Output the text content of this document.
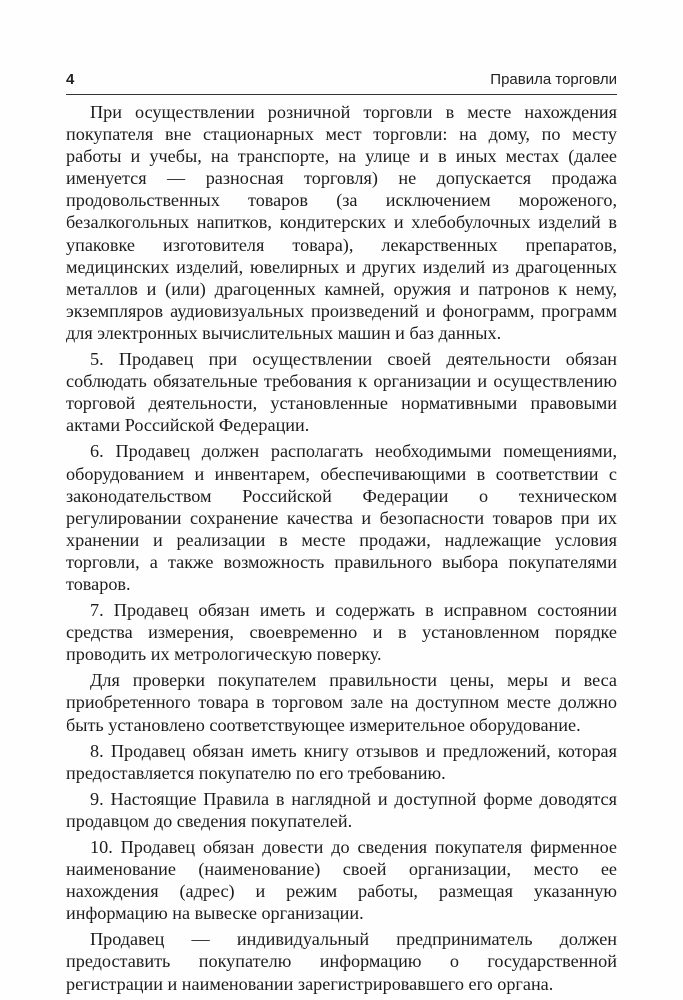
4	Правила торговли

При осуществлении розничной торговли в месте нахождения покупателя вне стационарных мест торговли: на дому, по месту работы и учебы, на транспорте, на улице и в иных местах (далее именуется — разносная торговля) не допускается продажа продовольственных товаров (за исключением мороженого, безалкогольных напитков, кондитерских и хлебобулочных изделий в упаковке изготовителя товара), лекарственных препаратов, медицинских изделий, ювелирных и других изделий из драгоценных металлов и (или) драгоценных камней, оружия и патронов к нему, экземпляров аудиовизуальных произведений и фонограмм, программ для электронных вычислительных машин и баз данных.

5. Продавец при осуществлении своей деятельности обязан соблюдать обязательные требования к организации и осуществлению торговой деятельности, установленные нормативными правовыми актами Российской Федерации.

6. Продавец должен располагать необходимыми помещениями, оборудованием и инвентарем, обеспечивающими в соответствии с законодательством Российской Федерации о техническом регулировании сохранение качества и безопасности товаров при их хранении и реализации в месте продажи, надлежащие условия торговли, а также возможность правильного выбора покупателями товаров.

7. Продавец обязан иметь и содержать в исправном состоянии средства измерения, своевременно и в установленном порядке проводить их метрологическую поверку.

Для проверки покупателем правильности цены, меры и веса приобретенного товара в торговом зале на доступном месте должно быть установлено соответствующее измерительное оборудование.

8. Продавец обязан иметь книгу отзывов и предложений, которая предоставляется покупателю по его требованию.

9. Настоящие Правила в наглядной и доступной форме доводятся продавцом до сведения покупателей.

10. Продавец обязан довести до сведения покупателя фирменное наименование (наименование) своей организации, место ее нахождения (адрес) и режим работы, размещая указанную информацию на вывеске организации.

Продавец — индивидуальный предприниматель должен предоставить покупателю информацию о государственной регистрации и наименовании зарегистрировавшего его органа.
